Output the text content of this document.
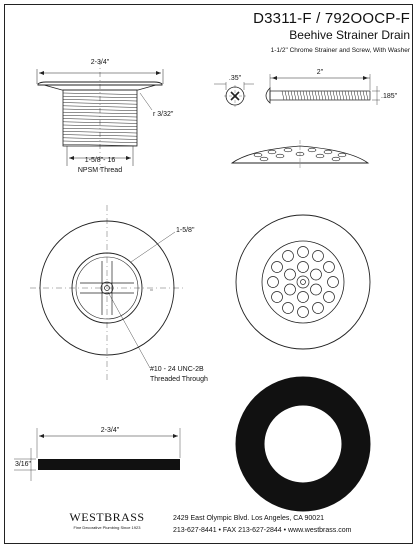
D3311-F / 792OOCP-F
Beehive Strainer Drain
1-1/2" Chrome Strainer and Screw, With Washer
2-3/4"
r 3/32"
1-5/8"- 16
NPSM Thread
.35"
2"
.185"
1-5/8"
#10 - 24 UNC-2B
Threaded Through
2-3/4"
3/16"
WESTBRASS
Fine Decorative Plumbing Since 1923
2429 East Olympic Blvd. Los Angeles, CA 90021
213-627-8441 • FAX 213-627-2844 • www.westbrass.com
